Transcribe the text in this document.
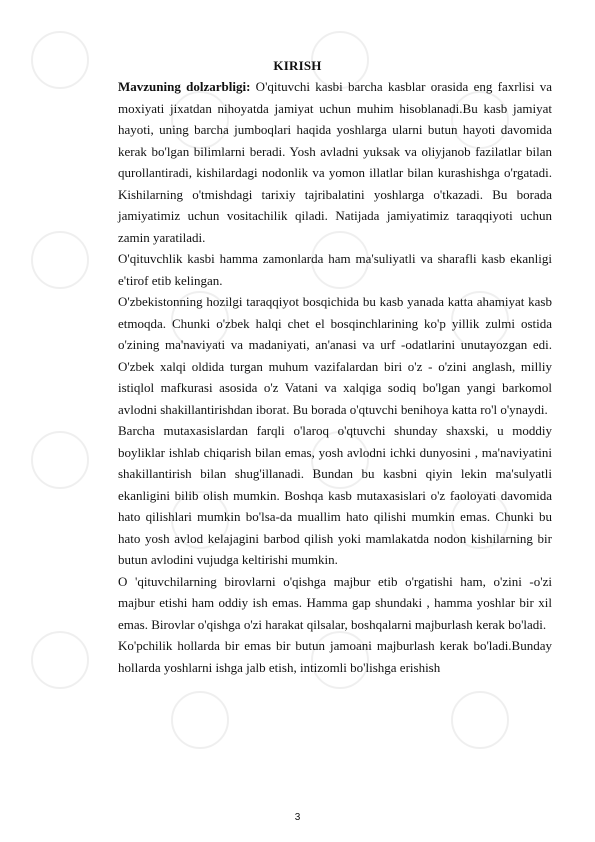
KIRISH

Mavzuning dolzarbligi: O'qituvchi kasbi barcha kasblar orasida eng faxrlisi va moxiyati jixatdan nihoyatda jamiyat uchun muhim hisoblanadi.Bu kasb jamiyat hayoti, uning barcha jumboqlari haqida yoshlarga ularni butun hayoti davomida kerak bo'lgan bilimlarni beradi. Yosh avladni yuksak va oliyjanob fazilatlar bilan qurollantiradi, kishilardagi nodonlik va yomon illatlar bilan kurashishga o'rgatadi. Kishilarning o'tmishdagi tarixiy tajribalatini yoshlarga o'tkazadi. Bu borada jamiyatimiz uchun vositachilik qiladi. Natijada jamiyatimiz taraqqiyoti uchun zamin yaratiladi.

O'qituvchlik kasbi hamma zamonlarda ham ma'suliyatli va sharafli kasb ekanligi e'tirof etib kelingan.

O'zbekistonning hozilgi taraqqiyot bosqichida bu kasb yanada katta ahamiyat kasb etmoqda. Chunki o'zbek halqi chet el bosqinchlarining ko'p yillik zulmi ostida o'zining ma'naviyati va madaniyati, an'anasi va urf -odatlarini unutayozgan edi. O'zbek xalqi oldida turgan muhum vazifalardan biri o'z - o'zini anglash, milliy istiqlol mafkurasi asosida o'z Vatani va xalqiga sodiq bo'lgan yangi barkomol avlodni shakillantirishdan iborat. Bu borada o'qtuvchi benihoya katta ro'l o'ynaydi.

Barcha mutaxasislardan farqli o'laroq o'qtuvchi shunday shaxski, u moddiy boyliklar ishlab chiqarish bilan emas, yosh avlodni ichki dunyosini , ma'naviyatini shakillantirish bilan shug'illanadi. Bundan bu kasbni qiyin lekin ma'sulyatli ekanligini bilib olish mumkin. Boshqa kasb mutaxasislari o'z faoloyati davomida hato qilishlari mumkin bo'lsa-da muallim hato qilishi mumkin emas. Chunki bu hato yosh avlod kelajagini barbod qilish yoki mamlakatda nodon kishilarning bir butun avlodini vujudga keltirishi mumkin.

O 'qituvchilarning birovlarni o'qishga majbur etib o'rgatishi ham, o'zini -o'zi majbur etishi ham oddiy ish emas. Hamma gap shundaki , hamma yoshlar bir xil emas. Birovlar o'qishga o'zi harakat qilsalar, boshqalarni majburlash kerak bo'ladi.

Ko'pchilik hollarda bir emas bir butun jamoani majburlash kerak bo'ladi.Bunday hollarda yoshlarni ishga jalb etish, intizomli bo'lishga erishish

3
